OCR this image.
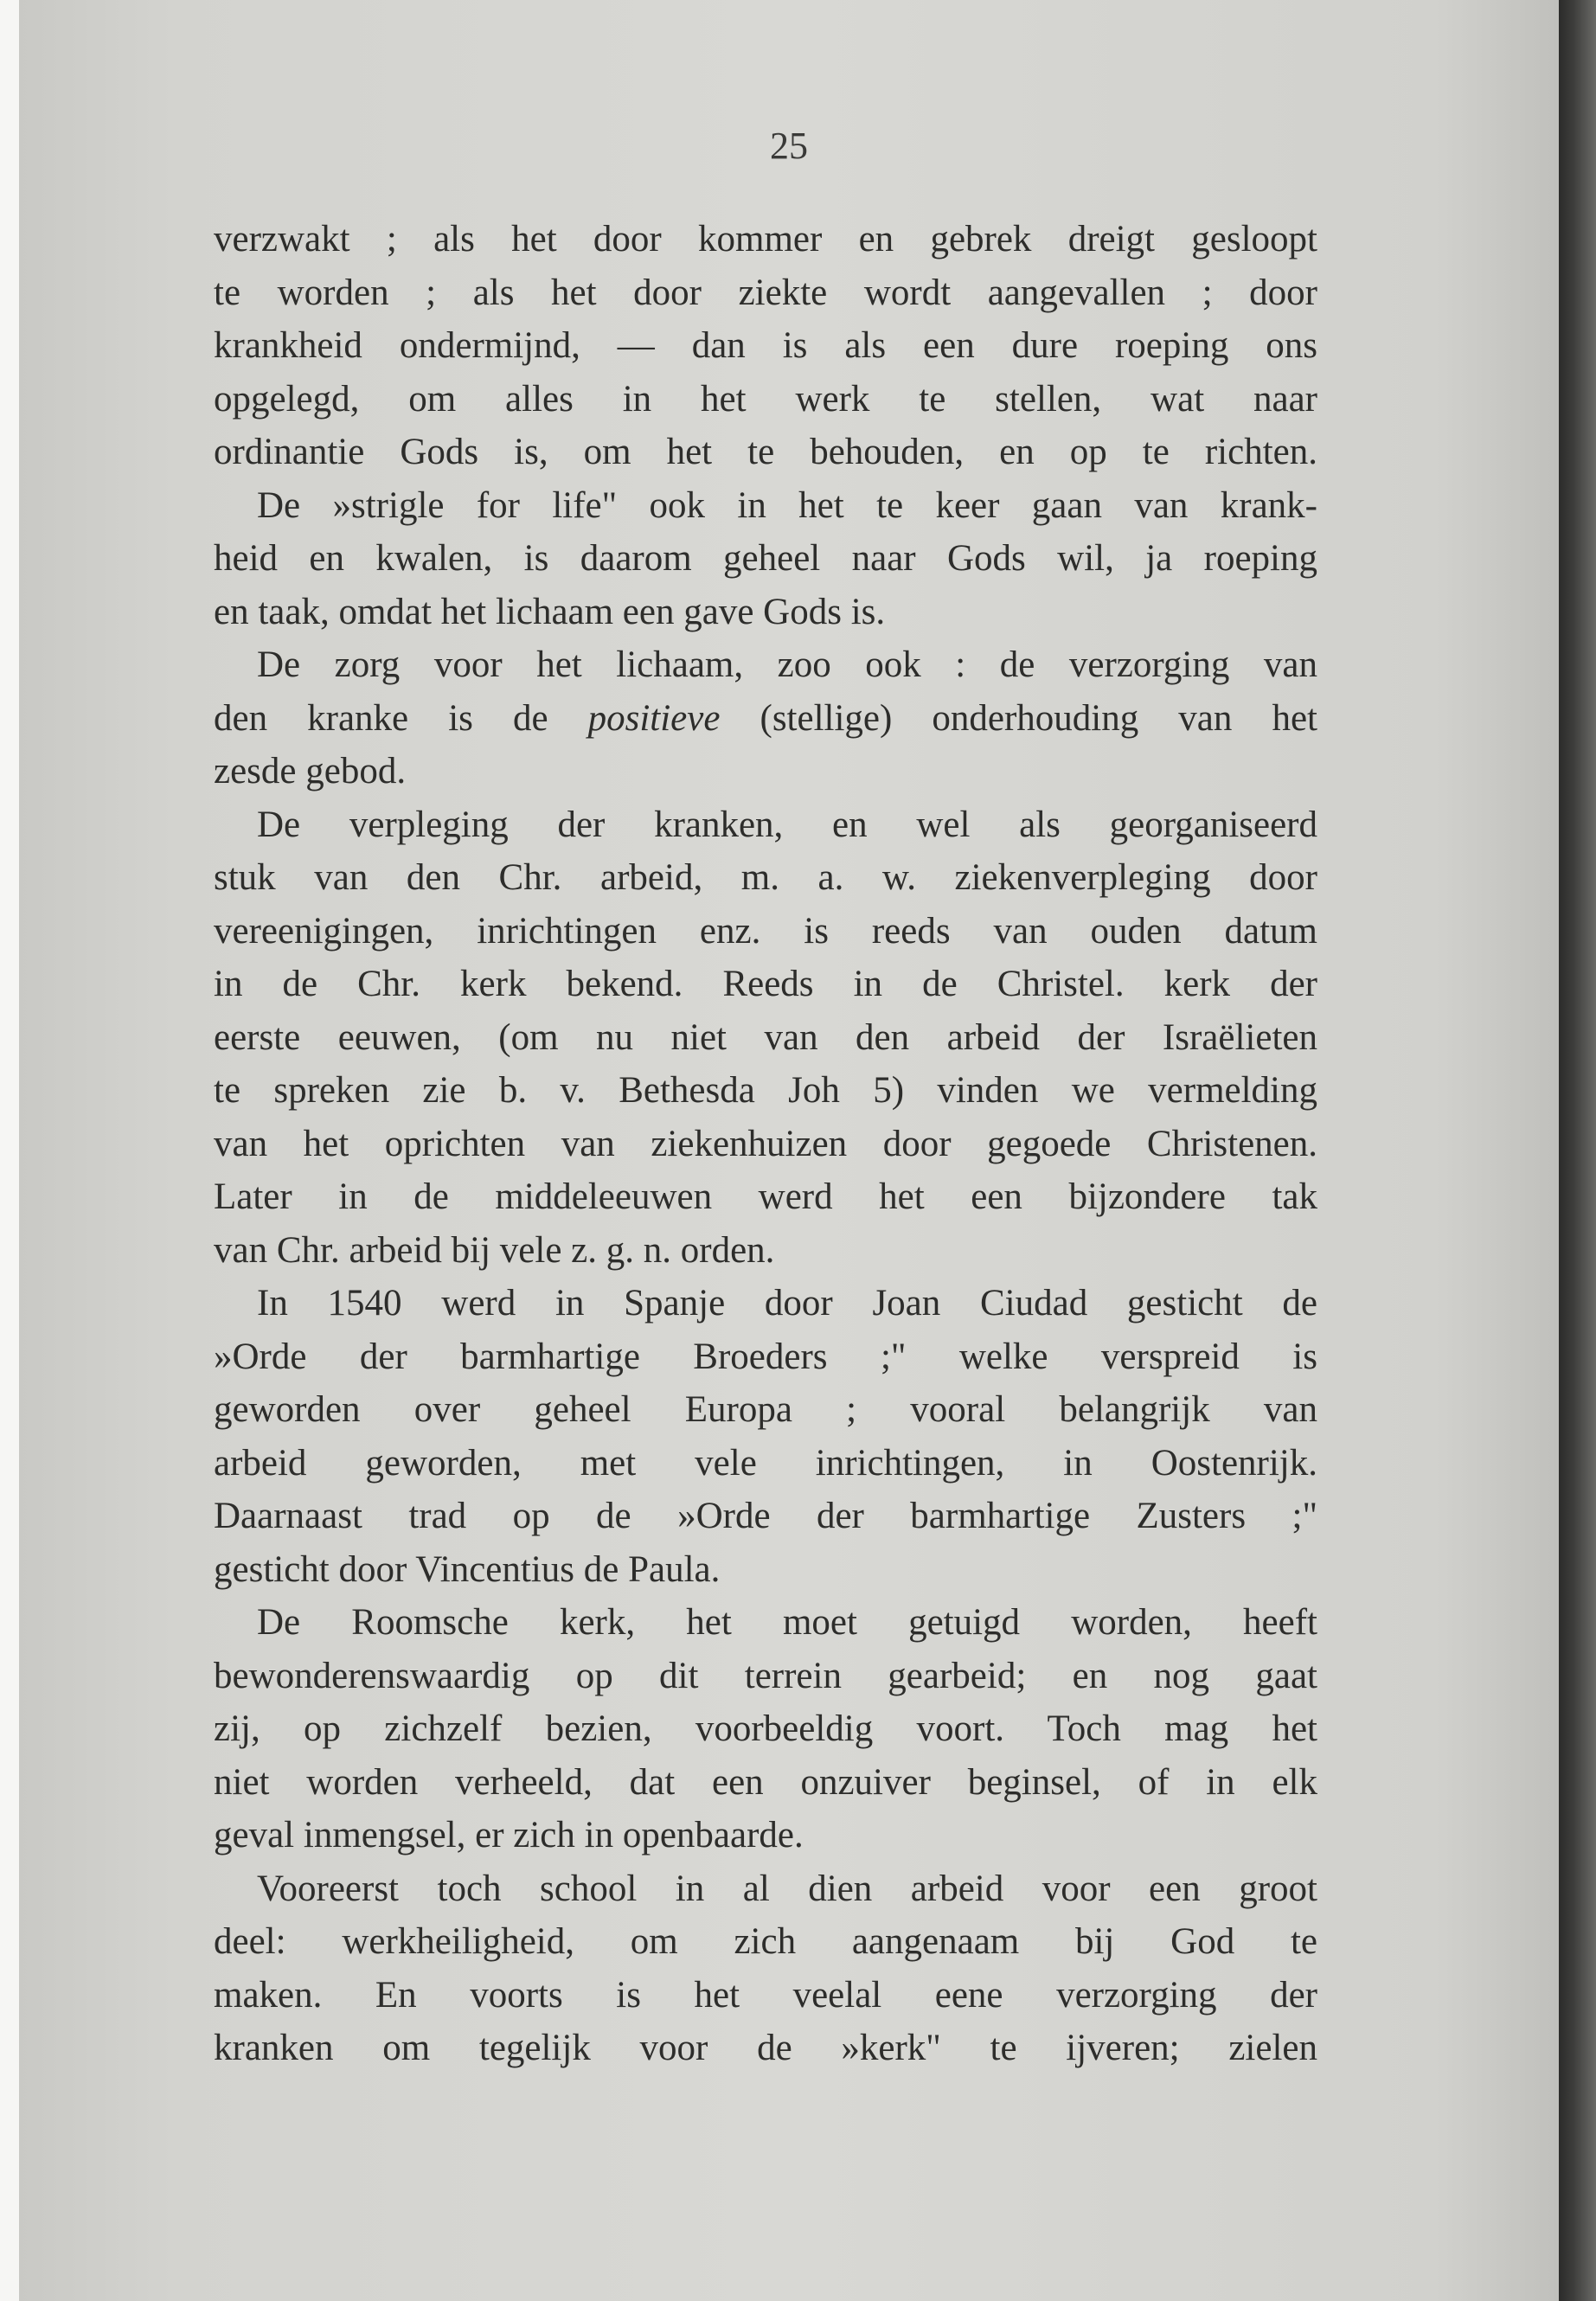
25
verzwakt ; als het door kommer en gebrek dreigt gesloopt
te worden ; als het door ziekte wordt aangevallen ; door
krankheid ondermijnd, — dan is als een dure roeping ons
opgelegd, om alles in het werk te stellen, wat naar
ordinantie Gods is, om het te behouden, en op te richten.
De »strigle for life" ook in het te keer gaan van krank-
heid en kwalen, is daarom geheel naar Gods wil, ja roeping
en taak, omdat het lichaam een gave Gods is.
De zorg voor het lichaam, zoo ook : de verzorging van
den kranke is de positieve (stellige) onderhouding van het
zesde gebod.
De verpleging der kranken, en wel als georganiseerd
stuk van den Chr. arbeid, m. a. w. ziekenverpleging door
vereenigingen, inrichtingen enz. is reeds van ouden datum
in de Chr. kerk bekend. Reeds in de Christel. kerk der
eerste eeuwen, (om nu niet van den arbeid der Israëlieten
te spreken zie b. v. Bethesda Joh 5) vinden we vermelding
van het oprichten van ziekenhuizen door gegoede Christenen.
Later in de middeleeuwen werd het een bijzondere tak
van Chr. arbeid bij vele z. g. n. orden.
In 1540 werd in Spanje door Joan Ciudad gesticht de
»Orde der barmhartige Broeders ;" welke verspreid is
geworden over geheel Europa ; vooral belangrijk van
arbeid geworden, met vele inrichtingen, in Oostenrijk.
Daarnaast trad op de »Orde der barmhartige Zusters ;"
gesticht door Vincentius de Paula.
De Roomsche kerk, het moet getuigd worden, heeft
bewonderenswaardig op dit terrein gearbeid; en nog gaat
zij, op zichzelf bezien, voorbeeldig voort. Toch mag het
niet worden verheeld, dat een onzuiver beginsel, of in elk
geval inmengsel, er zich in openbaarde.
Vooreerst toch school in al dien arbeid voor een groot
deel: werkheiligheid, om zich aangenaam bij God te
maken. En voorts is het veelal eene verzorging der
kranken om tegelijk voor de »kerk" te ijveren; zielen
